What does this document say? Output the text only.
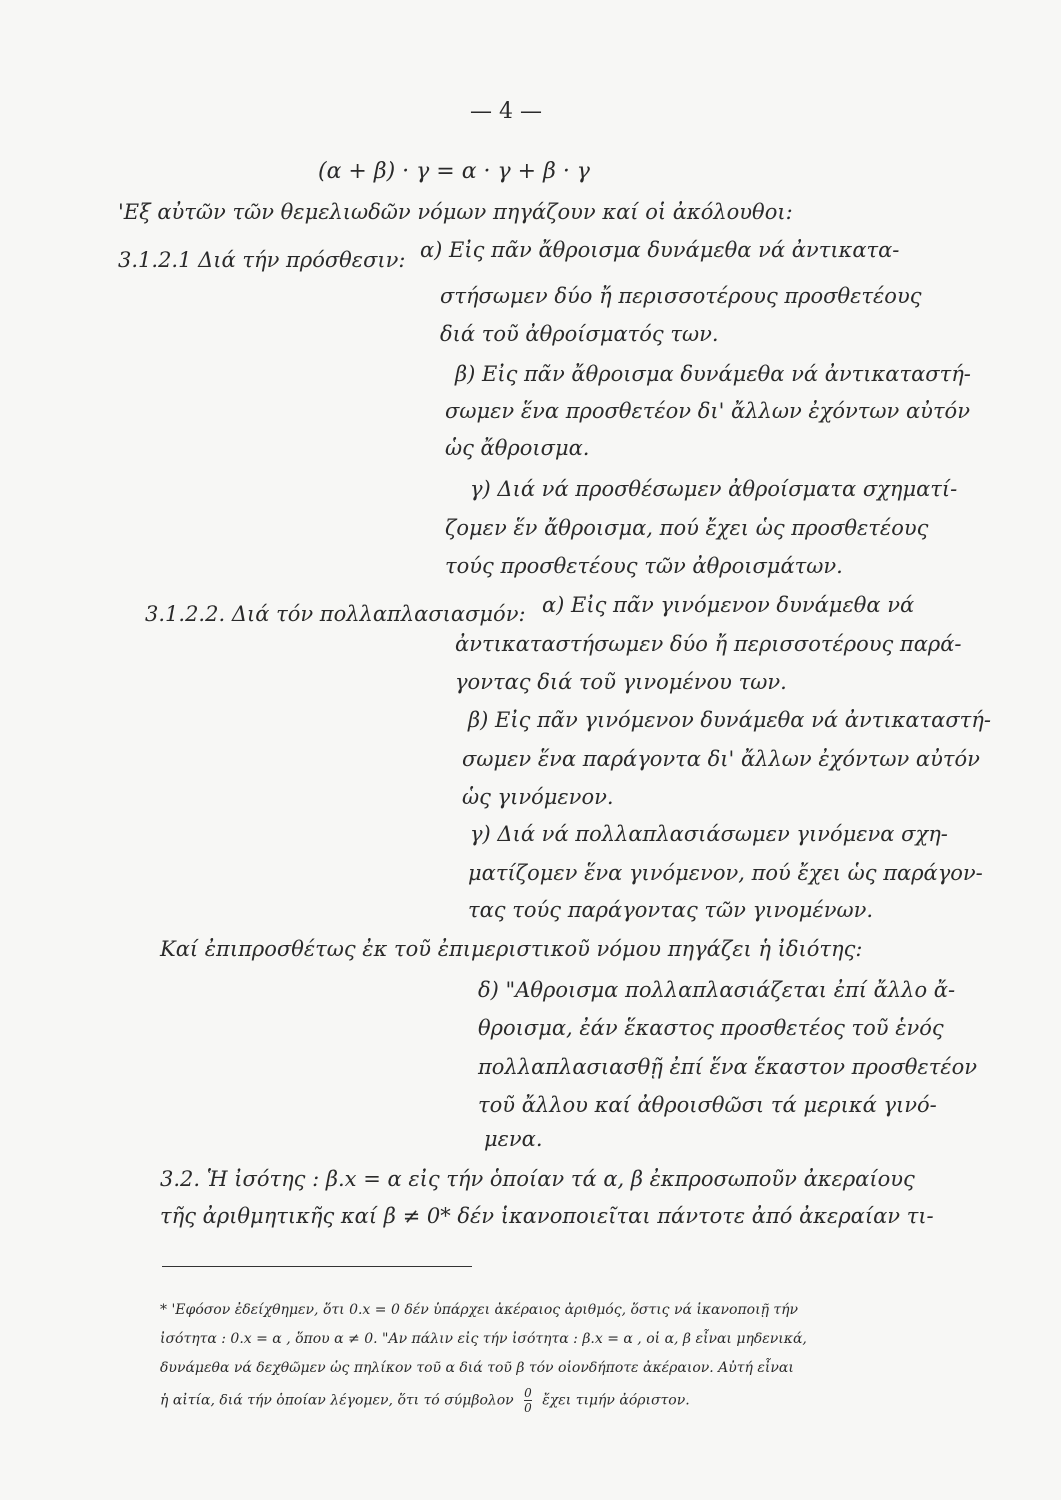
— 4 —
(α + β) · γ = α · γ + β · γ
'Εξ αὐτῶν τῶν θεμελιωδῶν νόμων πηγάζουν καί οἱ ἀκόλουθοι:
3.1.2.1 Διά τήν πρόσθεσιν: α) Εἰς πᾶν ἄθροισμα δυνάμεθα νά ἀντικατα-
στήσωμεν δύο ἤ περισσοτέρους προσθετέους
διά τοῦ ἀθροίσματός των.
β) Εἰς πᾶν ἄθροισμα δυνάμεθα νά ἀντικαταστή-
σωμεν ἕνα προσθετέον δι' ἄλλων ἐχόντων αὐτόν
ὡς ἄθροισμα.
γ) Διά νά προσθέσωμεν ἀθροίσματα σχηματί-
ζομεν ἕν ἄθροισμα, πού ἔχει ὡς προσθετέους
τούς προσθετέους τῶν ἀθροισμάτων.
3.1.2.2. Διά τόν πολλαπλασιασμόν: α) Εἰς πᾶν γινόμενον δυνάμεθα νά
ἀντικαταστήσωμεν δύο ἤ περισσοτέρους παρά-
γοντας διά τοῦ γινομένου των.
β) Εἰς πᾶν γινόμενον δυνάμεθα νά ἀντικαταστή-
σωμεν ἕνα παράγοντα δι' ἄλλων ἐχόντων αὐτόν
ὡς γινόμενον.
γ) Διά νά πολλαπλασιάσωμεν γινόμενα σχη-
ματίζομεν ἕνα γινόμενον, πού ἔχει ὡς παράγον-
τας τούς παράγοντας τῶν γινομένων.
Καί ἐπιπροσθέτως ἐκ τοῦ ἐπιμεριστικοῦ νόμου πηγάζει ἡ ἰδιότης:
δ) "Αθροισμα πολλαπλασιάζεται ἐπί ἄλλο ἄ-
θροισμα, ἐάν ἕκαστος προσθετέος τοῦ ἑνός
πολλαπλασιασθῇ ἐπί ἕνα ἕκαστον προσθετέον
τοῦ ἄλλου καί ἀθροισθῶσι τά μερικά γινό-
μενα.
3.2. Ἡ ἰσότης : β.x = α εἰς τήν ὁποίαν τά α, β ἐκπροσωποῦν ἀκεραίους
τῆς ἀριθμητικῆς καί β ≠ 0* δέν ἱκανοποιεῖται πάντοτε ἀπό ἀκεραίαν τι-
* 'Εφόσον ἐδείχθημεν, ὅτι 0.x = 0 δέν ὑπάρχει ἀκέραιος ἀριθμός, ὅστις νά ἱκανοποιῇ τήν
ἰσότητα : 0.x = α , ὅπου α ≠ 0. "Αν πάλιν εἰς τήν ἰσότητα : β.x = α , οἱ α, β εἶναι μηδενικά,
δυνάμεθα νά δεχθῶμεν ὡς πηλίκον τοῦ α διά τοῦ β τόν οἱονδήποτε ἀκέραιον. Αὐτή εἶναι
ἡ αἰτία, διά τήν ὁποίαν λέγομεν, ὅτι τό σύμβολον $\frac{0}{0}$ ἔχει τιμήν ἀόριστον.
